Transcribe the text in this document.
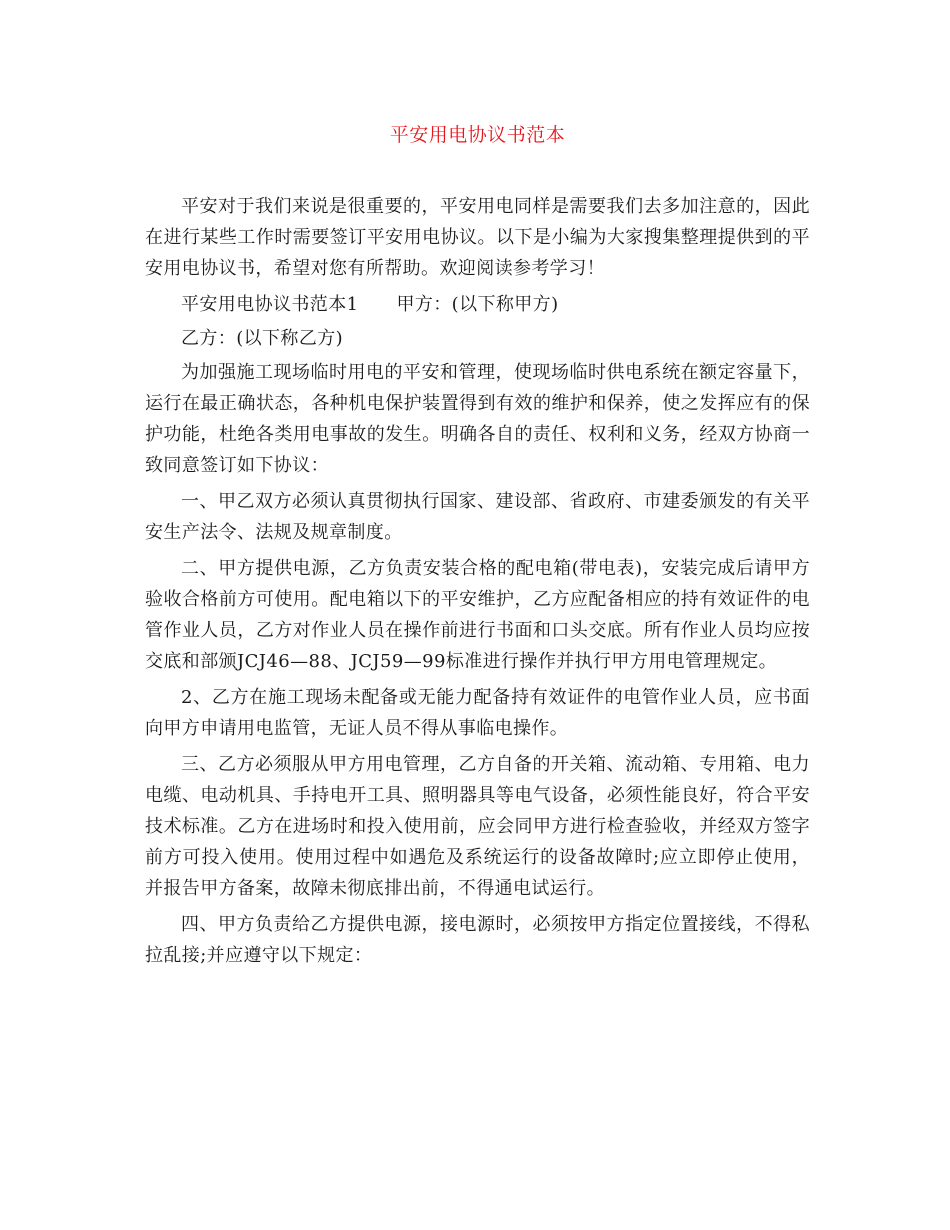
平安用电协议书范本

平安对于我们来说是很重要的，平安用电同样是需要我们去多加注意的，因此在进行某些工作时需要签订平安用电协议。以下是小编为大家搜集整理提供到的平安用电协议书，希望对您有所帮助。欢迎阅读参考学习！

平安用电协议书范本1 甲方：(以下称甲方)

乙方：(以下称乙方)

为加强施工现场临时用电的平安和管理，使现场临时供电系统在额定容量下，运行在最正确状态，各种机电保护装置得到有效的维护和保养，使之发挥应有的保护功能，杜绝各类用电事故的发生。明确各自的责任、权利和义务，经双方协商一致同意签订如下协议：

一、甲乙双方必须认真贯彻执行国家、建设部、省政府、市建委颁发的有关平安生产法令、法规及规章制度。

二、甲方提供电源，乙方负责安装合格的配电箱(带电表)，安装完成后请甲方验收合格前方可使用。配电箱以下的平安维护，乙方应配备相应的持有效证件的电管作业人员，乙方对作业人员在操作前进行书面和口头交底。所有作业人员均应按交底和部颁JCJ46—88、JCJ59—99标准进行操作并执行甲方用电管理规定。

2、乙方在施工现场未配备或无能力配备持有效证件的电管作业人员，应书面向甲方申请用电监管，无证人员不得从事临电操作。

三、乙方必须服从甲方用电管理，乙方自备的开关箱、流动箱、专用箱、电力电缆、电动机具、手持电开工具、照明器具等电气设备，必须性能良好，符合平安技术标准。乙方在进场时和投入使用前，应会同甲方进行检查验收，并经双方签字前方可投入使用。使用过程中如遇危及系统运行的设备故障时;应立即停止使用，并报告甲方备案，故障未彻底排出前，不得通电试运行。

四、甲方负责给乙方提供电源，接电源时，必须按甲方指定位置接线，不得私拉乱接;并应遵守以下规定：
